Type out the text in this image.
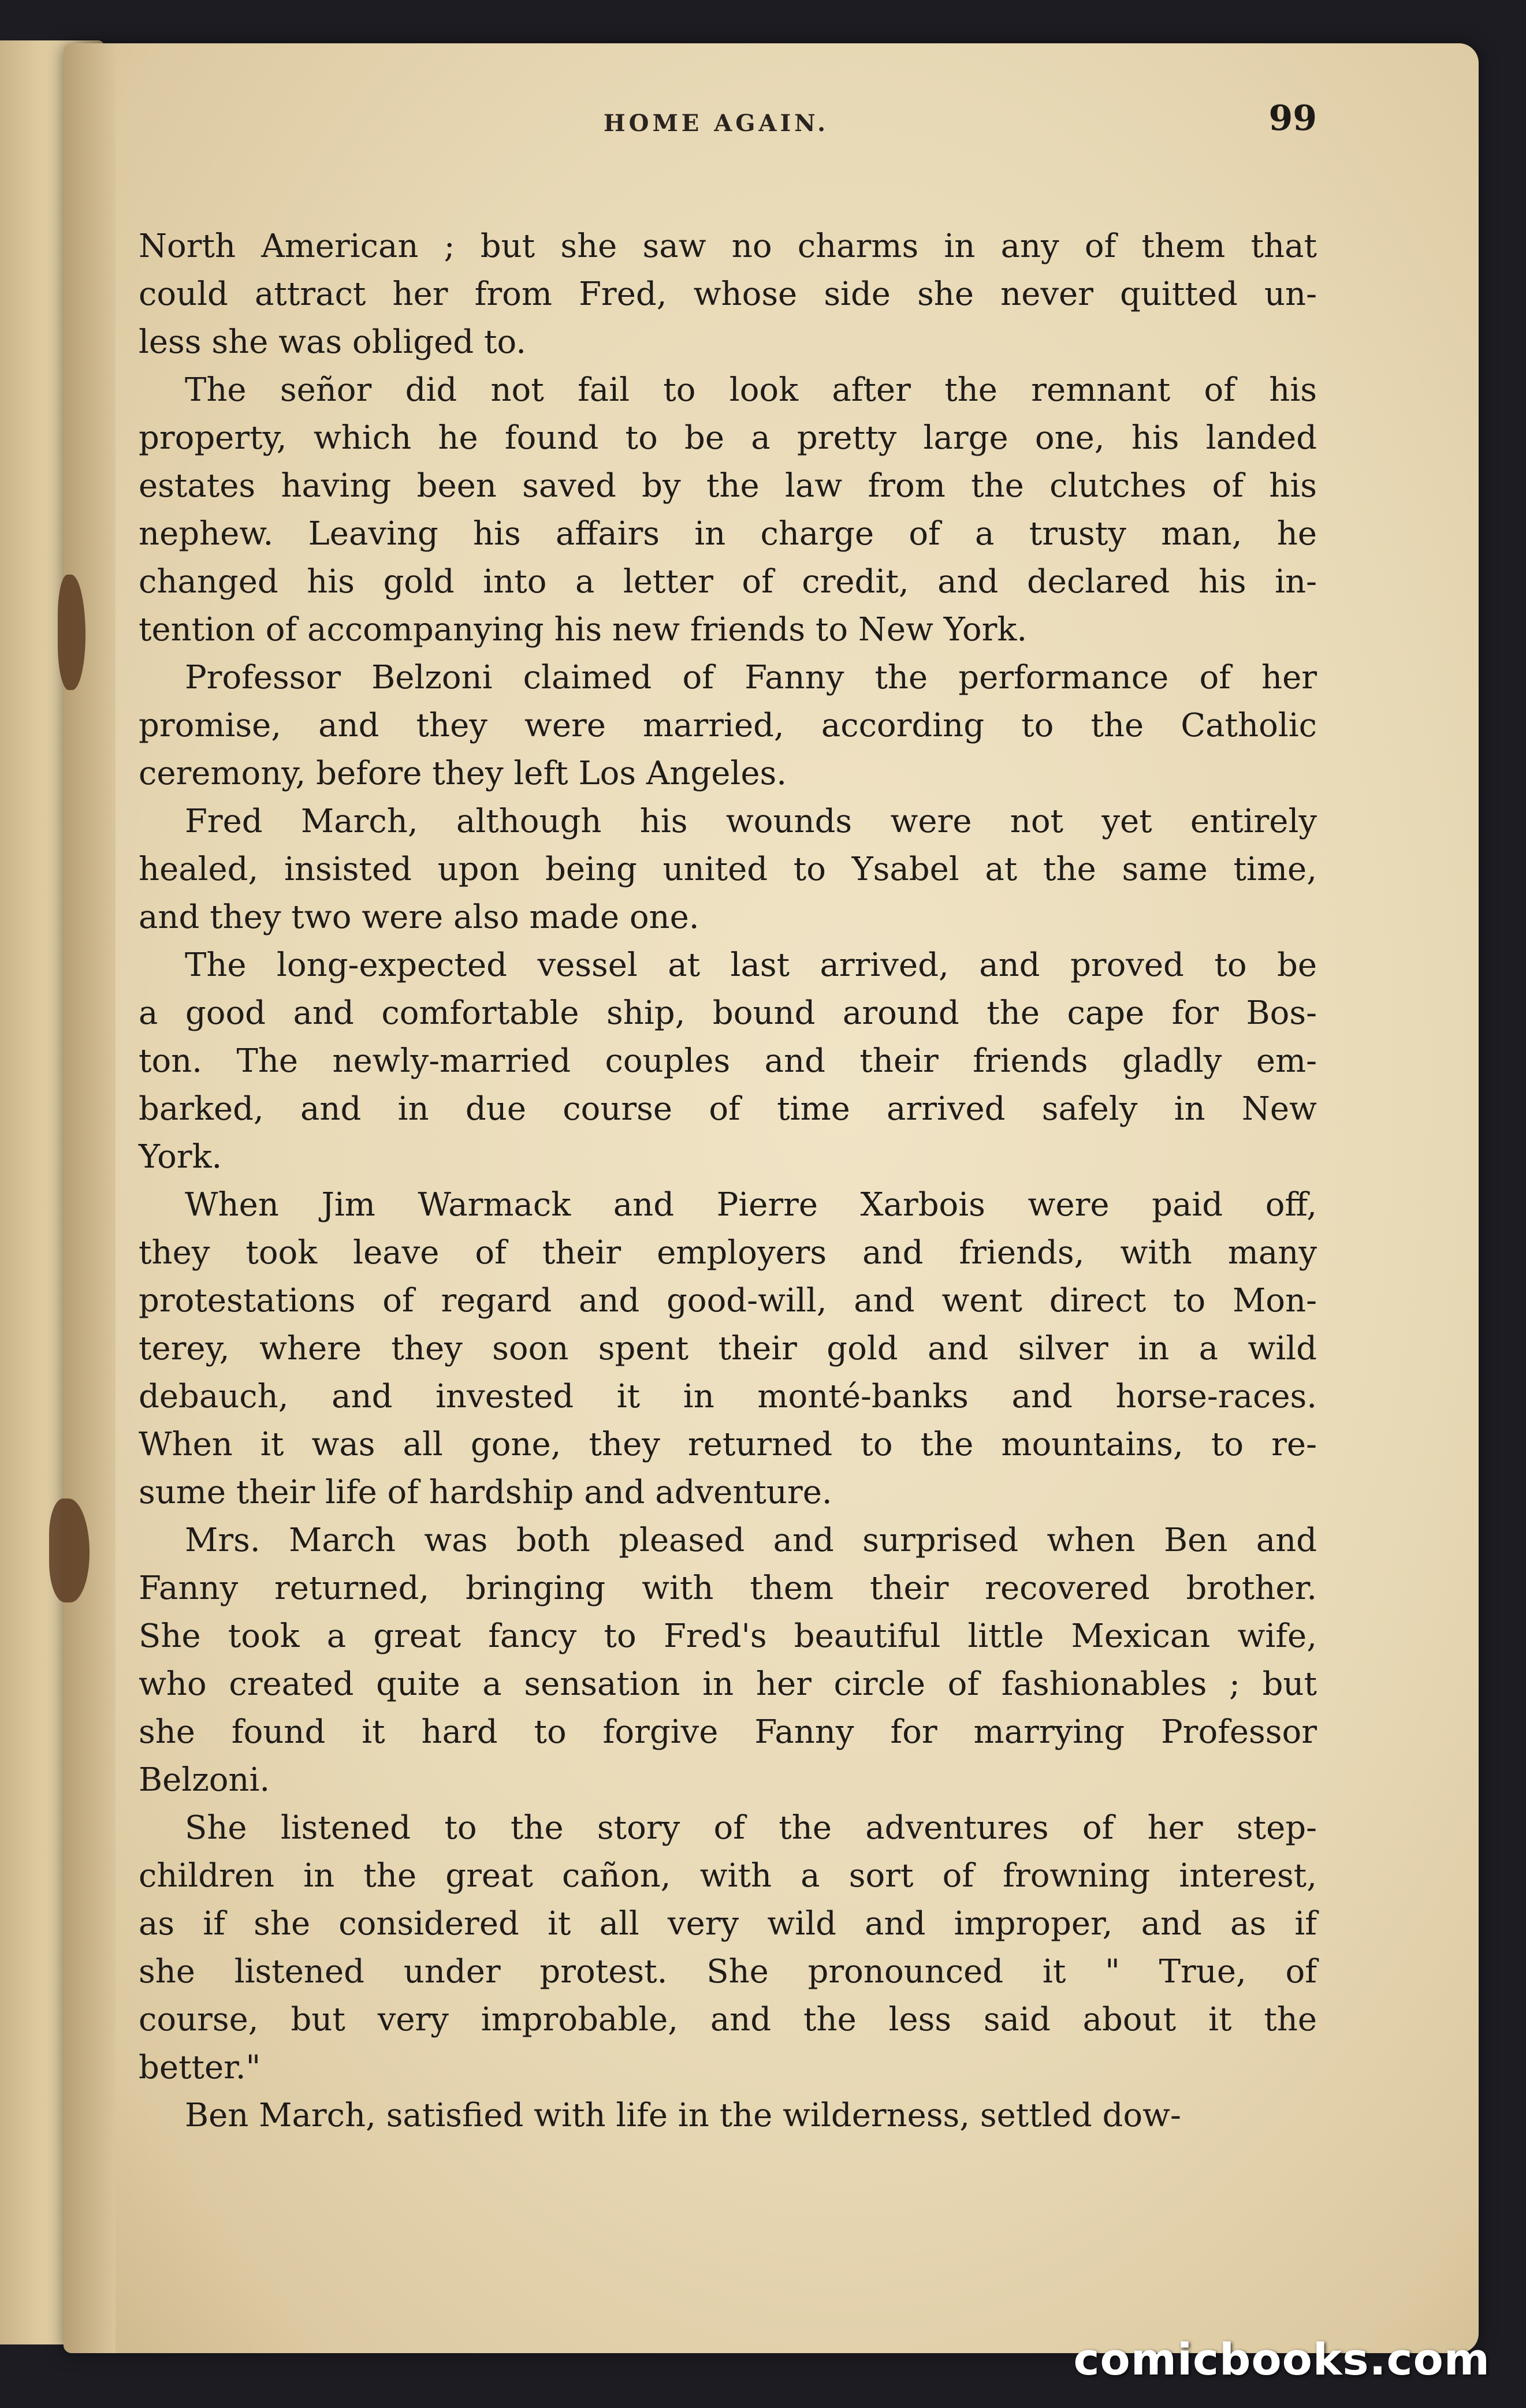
HOME AGAIN.	99
North American ; but she saw no charms in any of them that
could attract her from Fred, whose side she never quitted un-
less she was obliged to.
The señor did not fail to look after the remnant of his
property, which he found to be a pretty large one, his landed
estates having been saved by the law from the clutches of his
nephew. Leaving his affairs in charge of a trusty man, he
changed his gold into a letter of credit, and declared his in-
tention of accompanying his new friends to New York.
Professor Belzoni claimed of Fanny the performance of her
promise, and they were married, according to the Catholic
ceremony, before they left Los Angeles.
Fred March, although his wounds were not yet entirely
healed, insisted upon being united to Ysabel at the same time,
and they two were also made one.
The long-expected vessel at last arrived, and proved to be
a good and comfortable ship, bound around the cape for Bos-
ton. The newly-married couples and their friends gladly em-
barked, and in due course of time arrived safely in New
York.
When Jim Warmack and Pierre Xarbois were paid off,
they took leave of their employers and friends, with many
protestations of regard and good-will, and went direct to Mon-
terey, where they soon spent their gold and silver in a wild
debauch, and invested it in monté-banks and horse-races.
When it was all gone, they returned to the mountains, to re-
sume their life of hardship and adventure.
Mrs. March was both pleased and surprised when Ben and
Fanny returned, bringing with them their recovered brother.
She took a great fancy to Fred's beautiful little Mexican wife,
who created quite a sensation in her circle of fashionables ; but
she found it hard to forgive Fanny for marrying Professor
Belzoni.
She listened to the story of the adventures of her step-
children in the great cañon, with a sort of frowning interest,
as if she considered it all very wild and improper, and as if
she listened under protest. She pronounced it " True, of
course, but very improbable, and the less said about it the
better."
Ben March, satisfied with life in the wilderness, settled dow-
comicbooks.com
